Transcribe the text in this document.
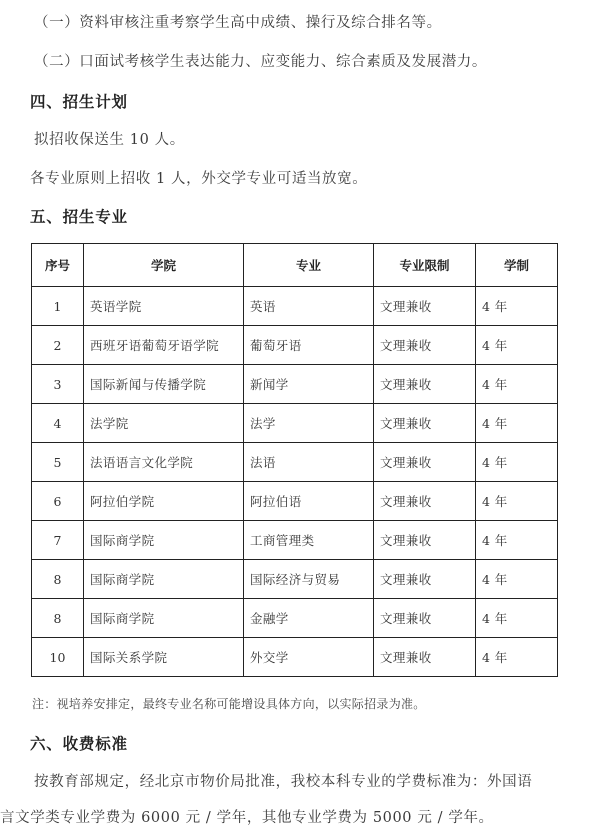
（一）资料审核注重考察学生高中成绩、操行及综合排名等。
（二）口面试考核学生表达能力、应变能力、综合素质及发展潜力。
四、招生计划
拟招收保送生 10 人。
各专业原则上招收 1 人，外交学专业可适当放宽。
五、招生专业
序号	学院	专业	专业限制	学制
1	英语学院	英语	文理兼收	4 年
2	西班牙语葡萄牙语学院	葡萄牙语	文理兼收	4 年
3	国际新闻与传播学院	新闻学	文理兼收	4 年
4	法学院	法学	文理兼收	4 年
5	法语语言文化学院	法语	文理兼收	4 年
6	阿拉伯学院	阿拉伯语	文理兼收	4 年
7	国际商学院	工商管理类	文理兼收	4 年
8	国际商学院	国际经济与贸易	文理兼收	4 年
8	国际商学院	金融学	文理兼收	4 年
10	国际关系学院	外交学	文理兼收	4 年
注：视培养安排定，最终专业名称可能增设具体方向，以实际招录为准。
六、收费标准
按教育部规定，经北京市物价局批准，我校本科专业的学费标准为：外国语
言文学类专业学费为 6000 元 / 学年，其他专业学费为 5000 元 / 学年。
